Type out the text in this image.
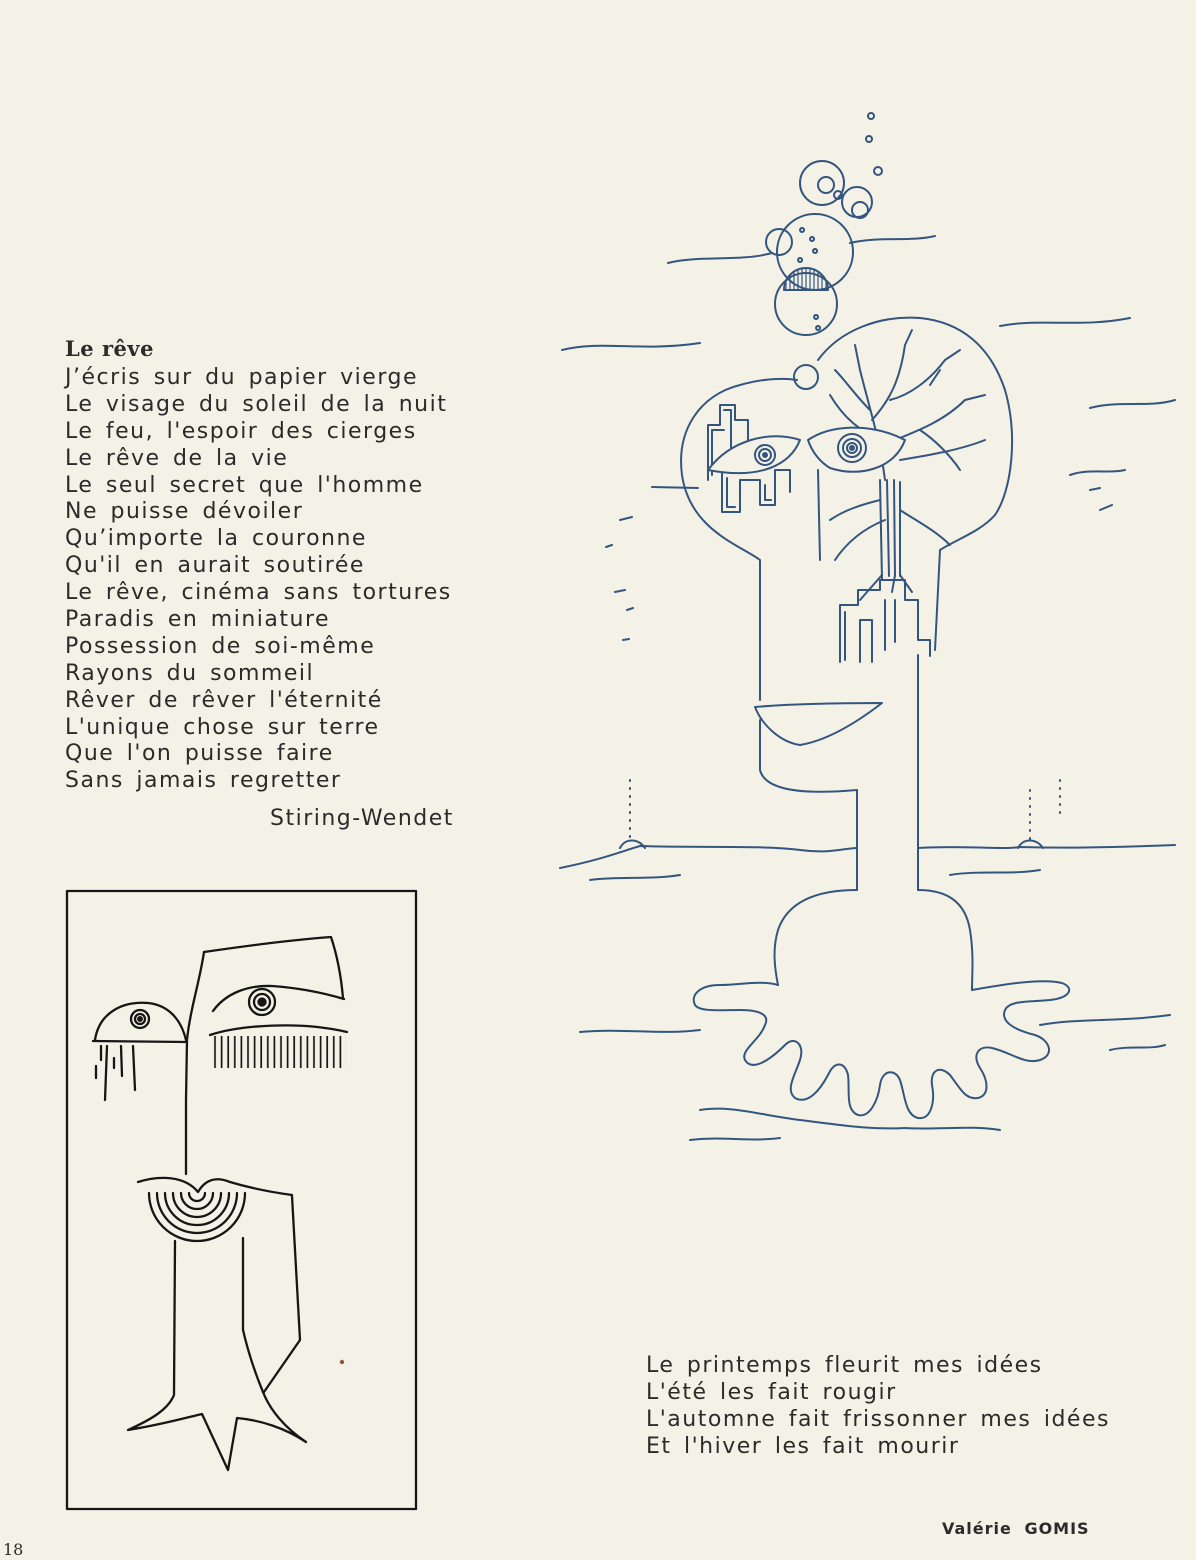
Le rêve
J’écris sur du papier vierge
Le visage du soleil de la nuit
Le feu, l'espoir des cierges
Le rêve de la vie
Le seul secret que l'homme
Ne puisse dévoiler
Qu’importe la couronne
Qu'il en aurait soutirée
Le rêve, cinéma sans tortures
Paradis en miniature
Possession de soi-même
Rayons du sommeil
Rêver de rêver l'éternité
L'unique chose sur terre
Que l'on puisse faire
Sans jamais regretter
Stiring-Wendet
Le printemps fleurit mes idées
L'été les fait rougir
L'automne fait frissonner mes idées
Et l'hiver les fait mourir
Valérie GOMIS
18
